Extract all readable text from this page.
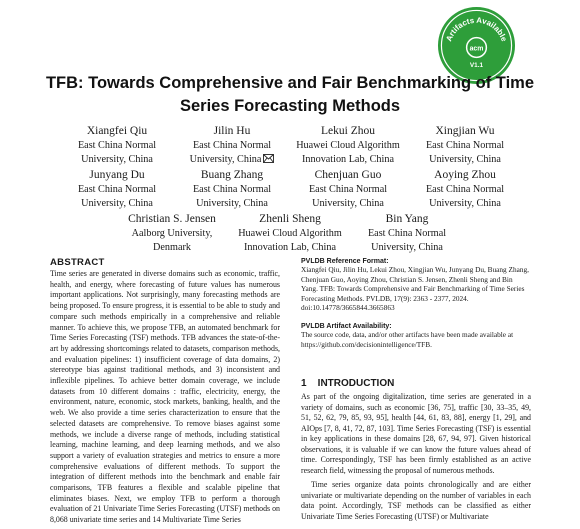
Artifacts Available
acm
V1.1
TFB: Towards Comprehensive and Fair Benchmarking of Time Series Forecasting Methods
Xiangfei Qiu
East China Normal
University, China
Jilin Hu
East China Normal
University, China
Lekui Zhou
Huawei Cloud Algorithm
Innovation Lab, China
Xingjian Wu
East China Normal
University, China
Junyang Du
East China Normal
University, China
Buang Zhang
East China Normal
University, China
Chenjuan Guo
East China Normal
University, China
Aoying Zhou
East China Normal
University, China
Christian S. Jensen
Aalborg University,
Denmark
Zhenli Sheng
Huawei Cloud Algorithm
Innovation Lab, China
Bin Yang
East China Normal
University, China
ABSTRACT
Time series are generated in diverse domains such as economic, traffic, health, and energy, where forecasting of future values has numerous important applications. Not surprisingly, many forecasting methods are being proposed. To ensure progress, it is essential to be able to study and compare such methods empirically in a comprehensive and reliable manner. To achieve this, we propose TFB, an automated benchmark for Time Series Forecasting (TSF) methods. TFB advances the state-of-the-art by addressing shortcomings related to datasets, comparison methods, and evaluation pipelines: 1) insufficient coverage of data domains, 2) stereotype bias against traditional methods, and 3) inconsistent and inflexible pipelines. To achieve better domain coverage, we include datasets from 10 different domains : traffic, electricity, energy, the environment, nature, economic, stock markets, banking, health, and the web. We also provide a time series characterization to ensure that the selected datasets are comprehensive. To remove biases against some methods, we include a diverse range of methods, including statistical learning, machine learning, and deep learning methods, and we also support a variety of evaluation strategies and metrics to ensure a more comprehensive evaluations of different methods. To support the integration of different methods into the benchmark and enable fair comparisons, TFB features a flexible and scalable pipeline that eliminates biases. Next, we employ TFB to perform a thorough evaluation of 21 Univariate Time Series Forecasting (UTSF) methods on 8,068 univariate time series and 14 Multivariate Time Series
PVLDB Reference Format:
Xiangfei Qiu, Jilin Hu, Lekui Zhou, Xingjian Wu, Junyang Du, Buang Zhang, Chenjuan Guo, Aoying Zhou, Christian S. Jensen, Zhenli Sheng and Bin Yang. TFB: Towards Comprehensive and Fair Benchmarking of Time Series Forecasting Methods. PVLDB, 17(9): 2363 - 2377, 2024.
doi:10.14778/3665844.3665863
PVLDB Artifact Availability:
The source code, data, and/or other artifacts have been made available at https://github.com/decisionintelligence/TFB.
1    INTRODUCTION

As part of the ongoing digitalization, time series are generated in a variety of domains, such as economic [36, 75], traffic [30, 33–35, 49, 51, 52, 62, 79, 85, 93, 95], health [44, 61, 83, 88], energy [1, 29], and AIOps [7, 8, 41, 72, 87, 103]. Time Series Forecasting (TSF) is essential in key applications in these domains [28, 67, 94, 97]. Given historical observations, it is valuable if we can know the future values ahead of time. Correspondingly, TSF has been firmly established as an active research field, witnessing the proposal of numerous methods.

Time series organize data points chronologically and are either univariate or multivariate depending on the number of variables in each data point. Accordingly, TSF methods can be classified as either Univariate Time Series Forecasting (UTSF) or Multivariate
